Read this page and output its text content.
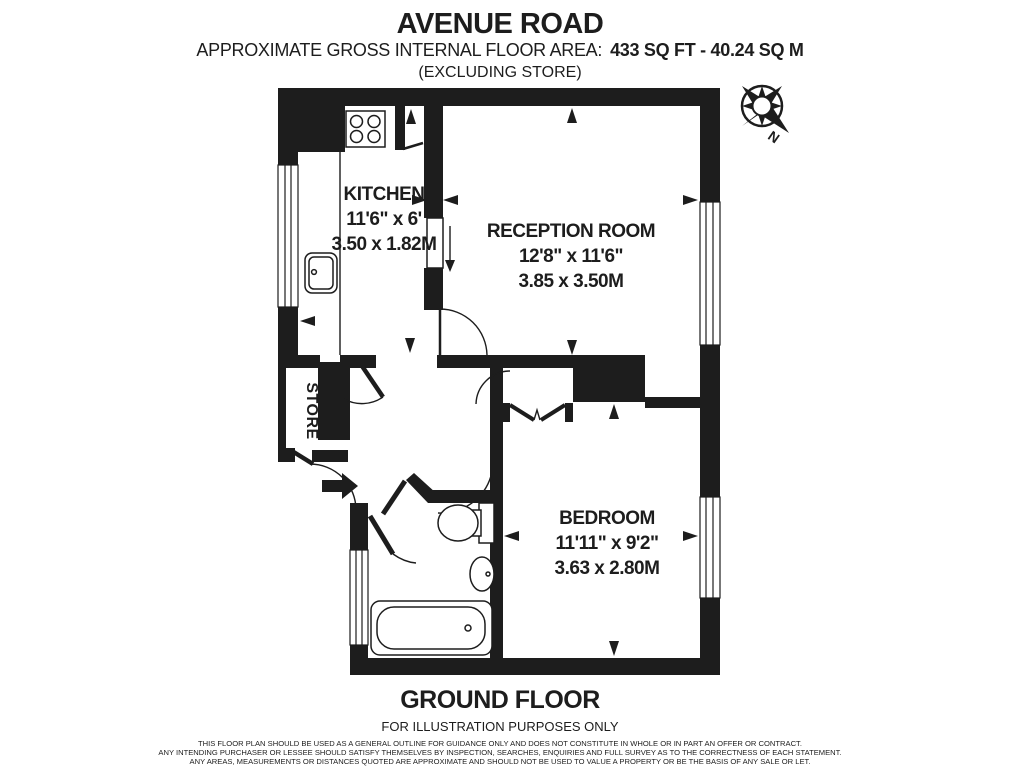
AVENUE ROAD
APPROXIMATE GROSS INTERNAL FLOOR AREA: 433 SQ FT - 40.24 SQ M
(EXCLUDING STORE)
N
KITCHEN
11'6" x 6'
3.50 x 1.82M
RECEPTION ROOM
12'8" x 11'6"
3.85 x 3.50M
BEDROOM
11'11" x 9'2"
3.63 x 2.80M
STORE
GROUND FLOOR
FOR ILLUSTRATION PURPOSES ONLY
THIS FLOOR PLAN SHOULD BE USED AS A GENERAL OUTLINE FOR GUIDANCE ONLY AND DOES NOT CONSTITUTE IN WHOLE OR IN PART AN OFFER OR CONTRACT.
ANY INTENDING PURCHASER OR LESSEE SHOULD SATISFY THEMSELVES BY INSPECTION, SEARCHES, ENQUIRIES AND FULL SURVEY AS TO THE CORRECTNESS OF EACH STATEMENT.
ANY AREAS, MEASUREMENTS OR DISTANCES QUOTED ARE APPROXIMATE AND SHOULD NOT BE USED TO VALUE A PROPERTY OR BE THE BASIS OF ANY SALE OR LET.
